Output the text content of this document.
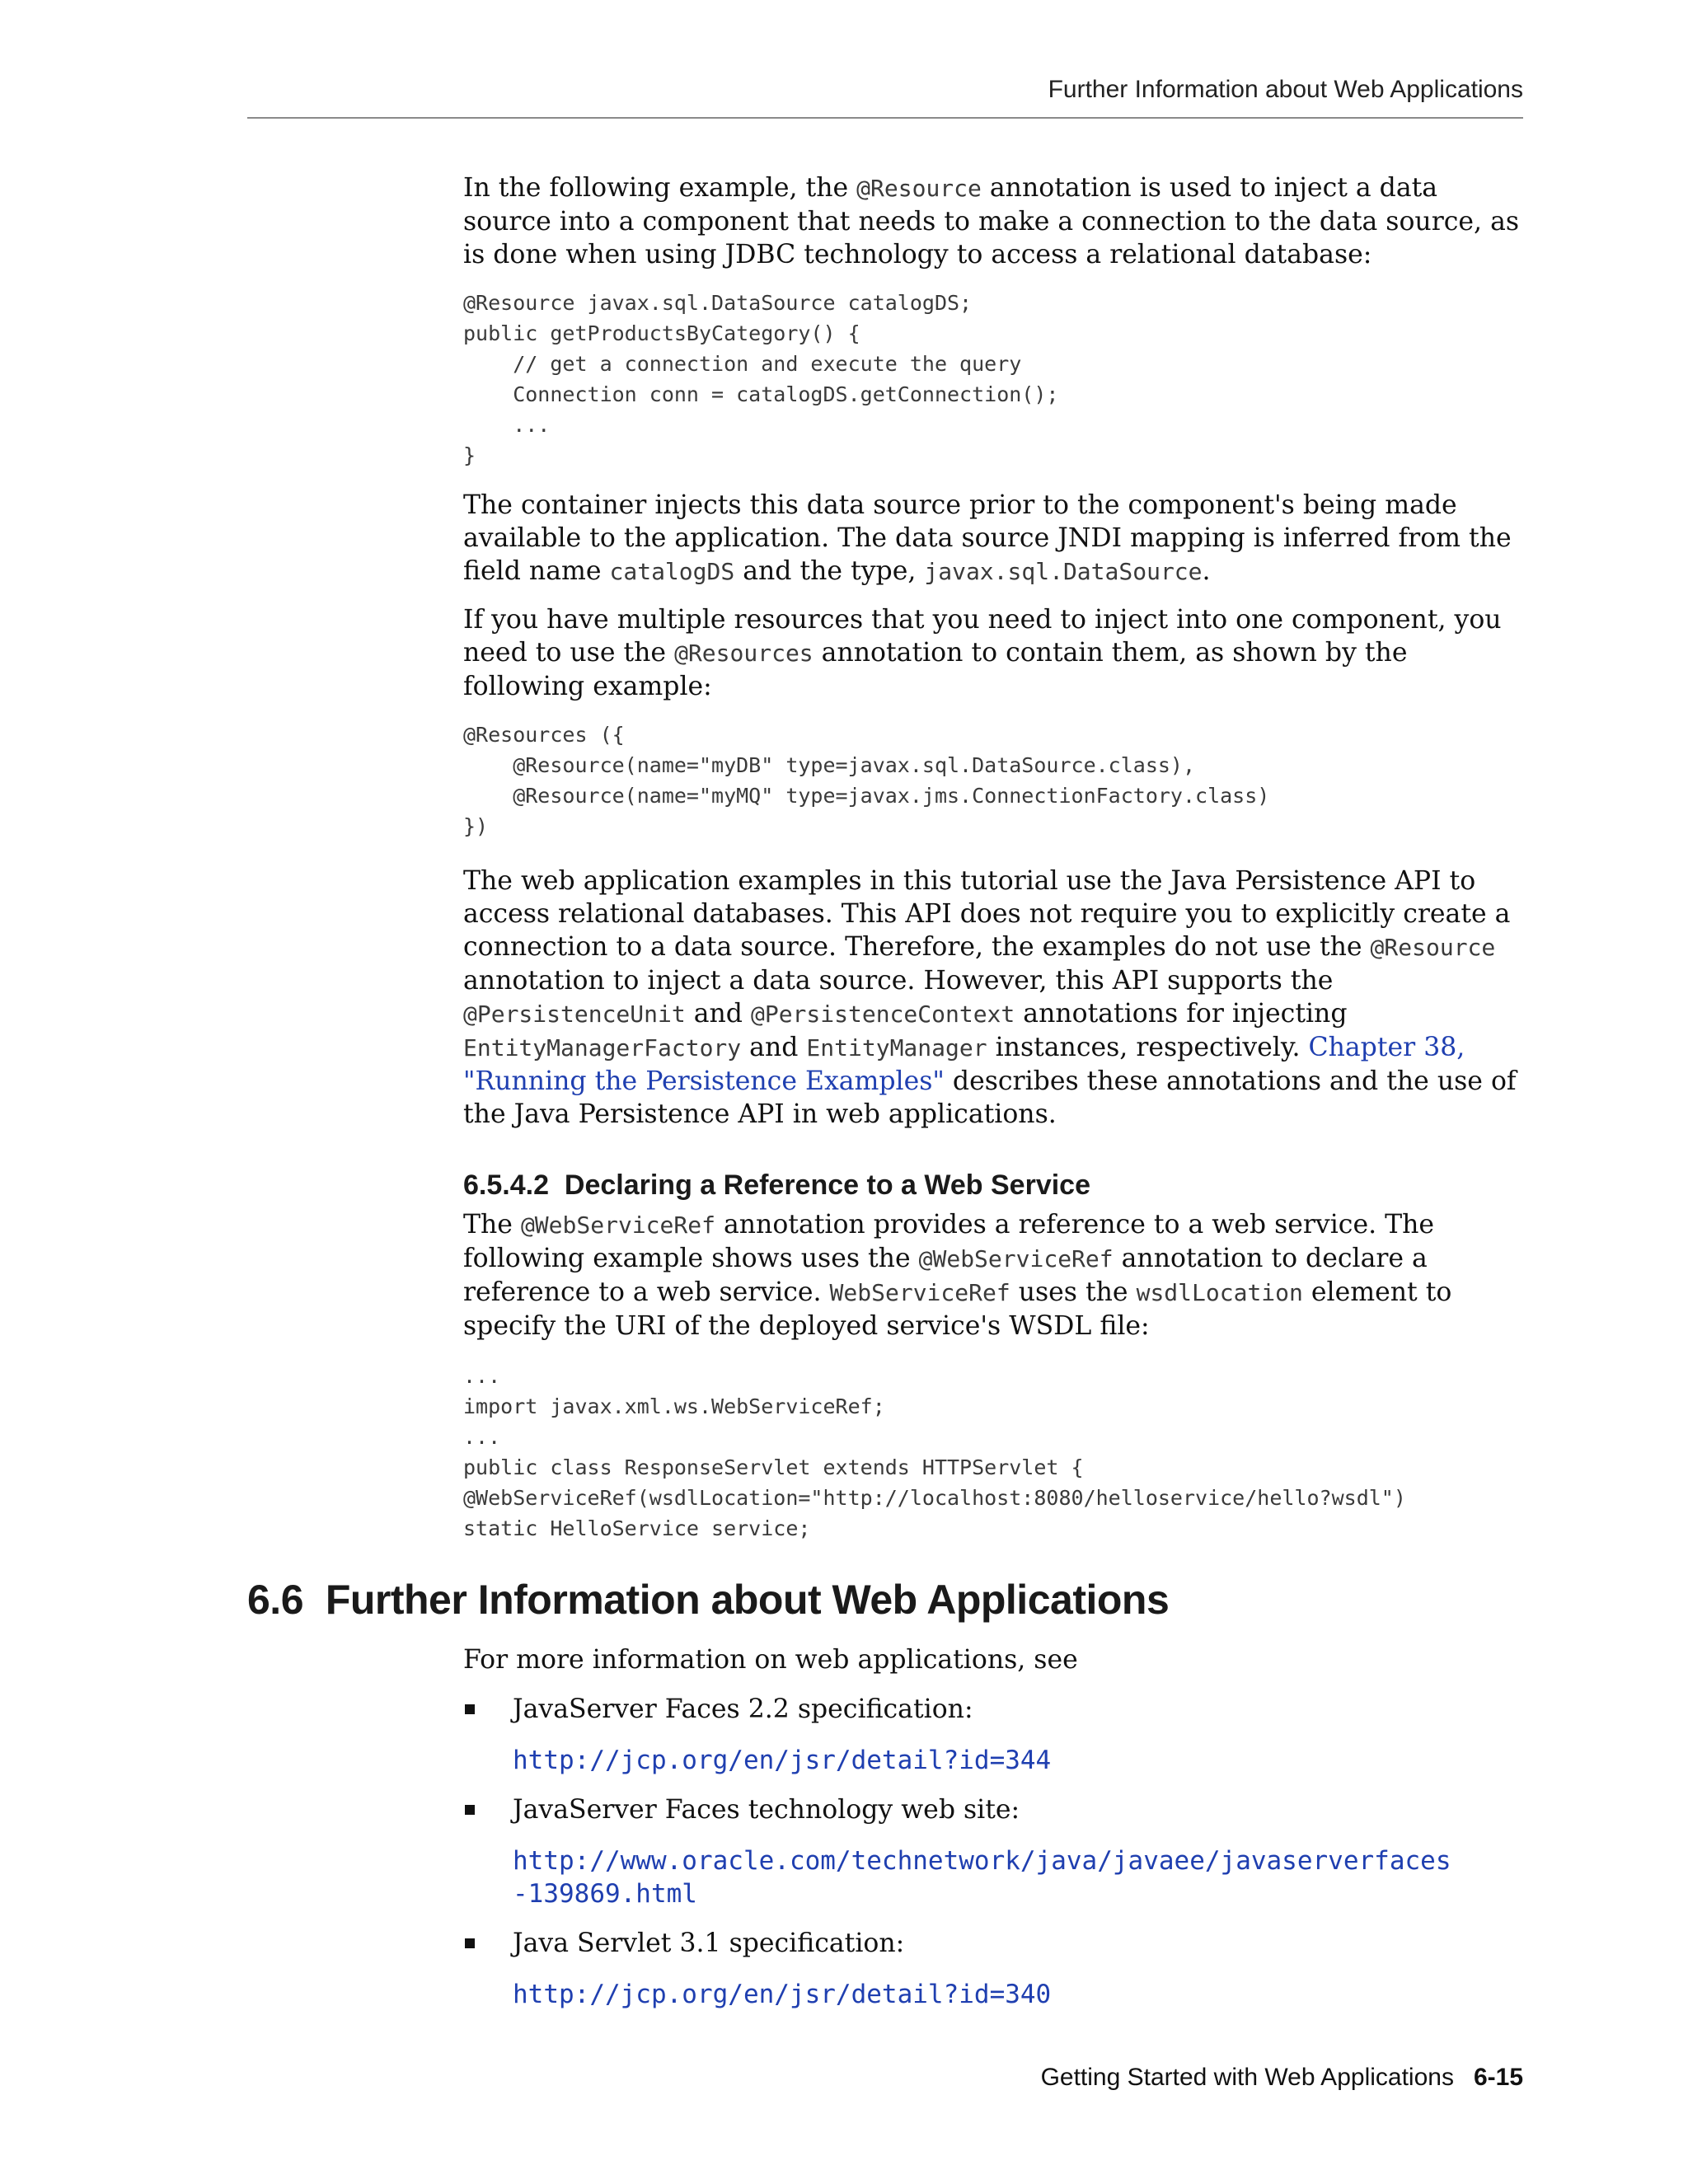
Further Information about Web Applications

In the following example, the @Resource annotation is used to inject a data source into a component that needs to make a connection to the data source, as is done when using JDBC technology to access a relational database:

@Resource javax.sql.DataSource catalogDS;
public getProductsByCategory() {
// get a connection and execute the query
Connection conn = catalogDS.getConnection();
...
}

The container injects this data source prior to the component's being made available to the application. The data source JNDI mapping is inferred from the field name catalogDS and the type, javax.sql.DataSource.

If you have multiple resources that you need to inject into one component, you need to use the @Resources annotation to contain them, as shown by the following example:

@Resources ({
@Resource(name="myDB" type=javax.sql.DataSource.class),
@Resource(name="myMQ" type=javax.jms.ConnectionFactory.class)
})

The web application examples in this tutorial use the Java Persistence API to access relational databases. This API does not require you to explicitly create a connection to a data source. Therefore, the examples do not use the @Resource annotation to inject a data source. However, this API supports the @PersistenceUnit and @PersistenceContext annotations for injecting EntityManagerFactory and EntityManager instances, respectively. Chapter 38, "Running the Persistence Examples" describes these annotations and the use of the Java Persistence API in web applications.

6.5.4.2 Declaring a Reference to a Web Service

The @WebServiceRef annotation provides a reference to a web service. The following example shows uses the @WebServiceRef annotation to declare a reference to a web service. WebServiceRef uses the wsdlLocation element to specify the URI of the deployed service's WSDL file:

...
import javax.xml.ws.WebServiceRef;
...
public class ResponseServlet extends HTTPServlet {
@WebServiceRef(wsdlLocation="http://localhost:8080/helloservice/hello?wsdl")
static HelloService service;
6.6 Further Information about Web Applications

For more information on web applications, see

JavaServer Faces 2.2 specification:

http://jcp.org/en/jsr/detail?id=344

JavaServer Faces technology web site:

http://www.oracle.com/technetwork/java/javaee/javaserverfaces
-139869.html

Java Servlet 3.1 specification:

http://jcp.org/en/jsr/detail?id=340

Getting Started with Web Applications 6-15
